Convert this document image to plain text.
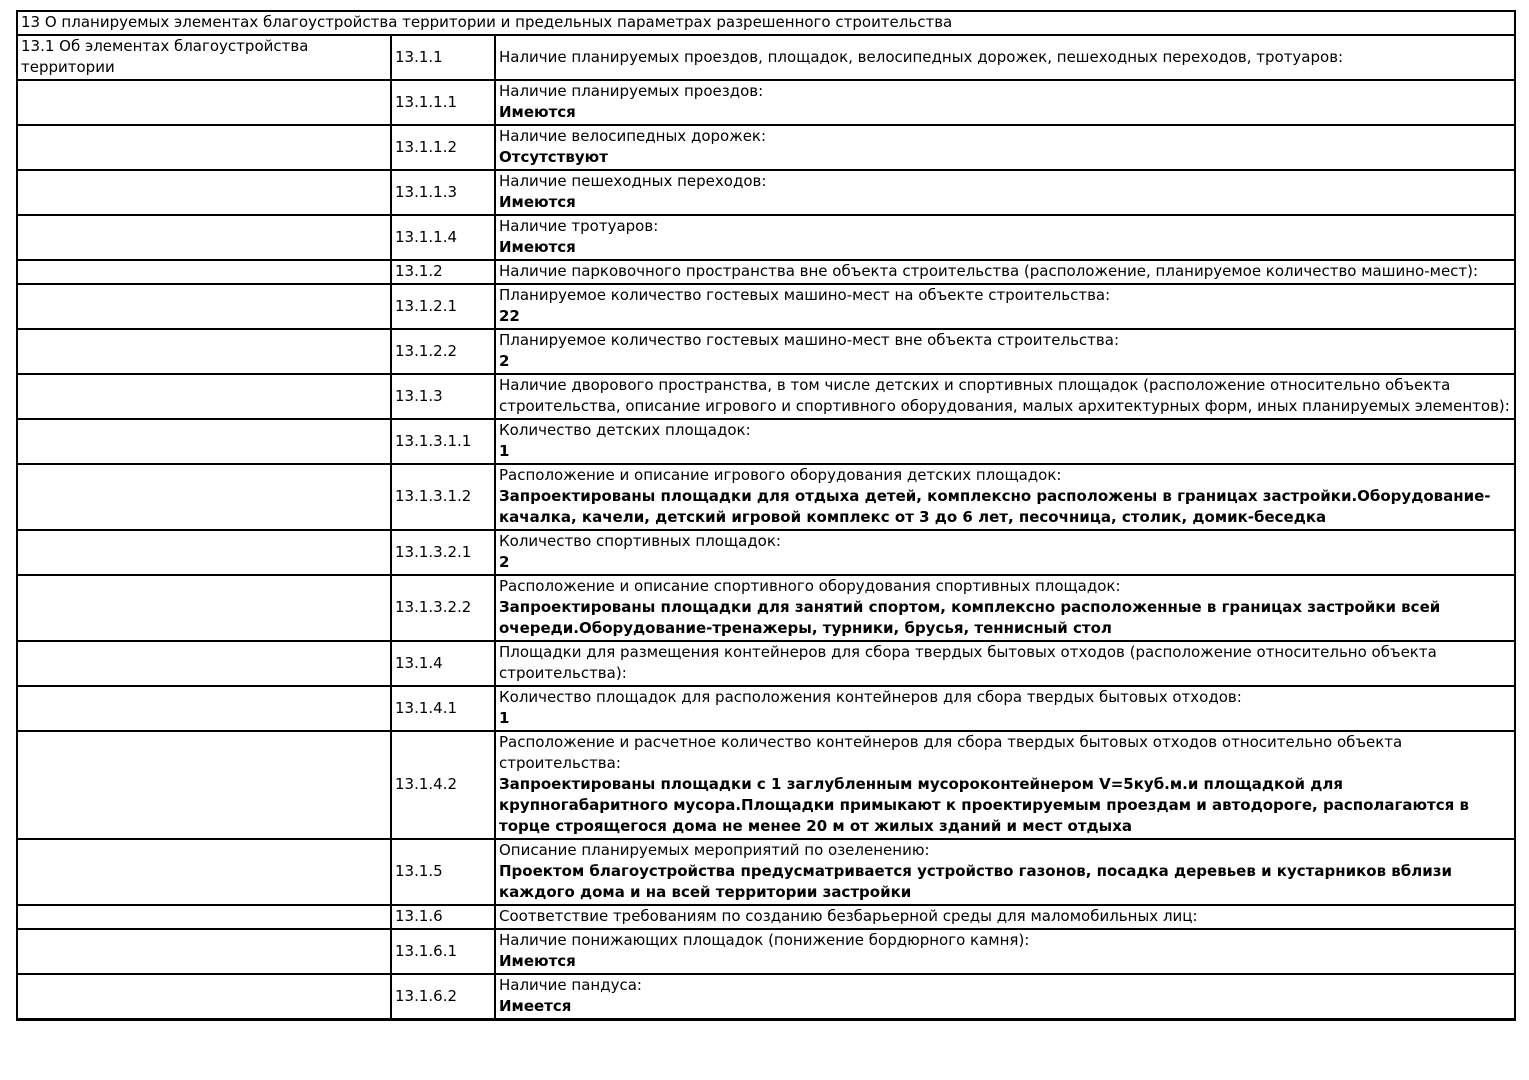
13 О планируемых элементах благоустройства территории и предельных параметрах разрешенного строительства		
13.1 Об элементах благоустройства территории	13.1.1	Наличие планируемых проездов, площадок, велосипедных дорожек, пешеходных переходов, тротуаров:

	13.1.1.1	Наличие планируемых проездов:
Имеются

	13.1.1.2	Наличие велосипедных дорожек:
Отсутствуют

	13.1.1.3	Наличие пешеходных переходов:
Имеются

	13.1.1.4	Наличие тротуаров:
Имеются

	13.1.2	Наличие парковочного пространства вне объекта строительства (расположение, планируемое количество машино-мест):

	13.1.2.1	Планируемое количество гостевых машино-мест на объекте строительства:
22

	13.1.2.2	Планируемое количество гостевых машино-мест вне объекта строительства:
2

	13.1.3	Наличие дворового пространства, в том числе детских и спортивных площадок (расположение относительно объекта строительства, описание игрового и спортивного оборудования, малых архитектурных форм, иных планируемых элементов):

	13.1.3.1.1	Количество детских площадок:
1

	13.1.3.1.2	Расположение и описание игрового оборудования детских площадок:
Запроектированы площадки для отдыха детей, комплексно расположены в границах застройки.Оборудование-качалка, качели, детский игровой комплекс от 3 до 6 лет, песочница, столик, домик-беседка

	13.1.3.2.1	Количество спортивных площадок:
2

	13.1.3.2.2	Расположение и описание спортивного оборудования спортивных площадок:
Запроектированы площадки для занятий спортом, комплексно расположенные в границах застройки всей очереди.Оборудование-тренажеры, турники, брусья, теннисный стол

	13.1.4	Площадки для размещения контейнеров для сбора твердых бытовых отходов (расположение относительно объекта строительства):

	13.1.4.1	Количество площадок для расположения контейнеров для сбора твердых бытовых отходов:
1

	13.1.4.2	Расположение и расчетное количество контейнеров для сбора твердых бытовых отходов относительно объекта строительства:
Запроектированы площадки с 1 заглубленным мусороконтейнером V=5куб.м.и площадкой для крупногабаритного мусора.Площадки примыкают к проектируемым проездам и автодороге, располагаются в торце строящегося дома не менее 20 м от жилых зданий и мест отдыха

	13.1.5	Описание планируемых мероприятий по озеленению:
Проектом благоустройства предусматривается устройство газонов, посадка деревьев и кустарников вблизи каждого дома и на всей территории застройки

	13.1.6	Соответствие требованиям по созданию безбарьерной среды для маломобильных лиц:

	13.1.6.1	Наличие понижающих площадок (понижение бордюрного камня):
Имеются

	13.1.6.2	Наличие пандуса:
Имеется
